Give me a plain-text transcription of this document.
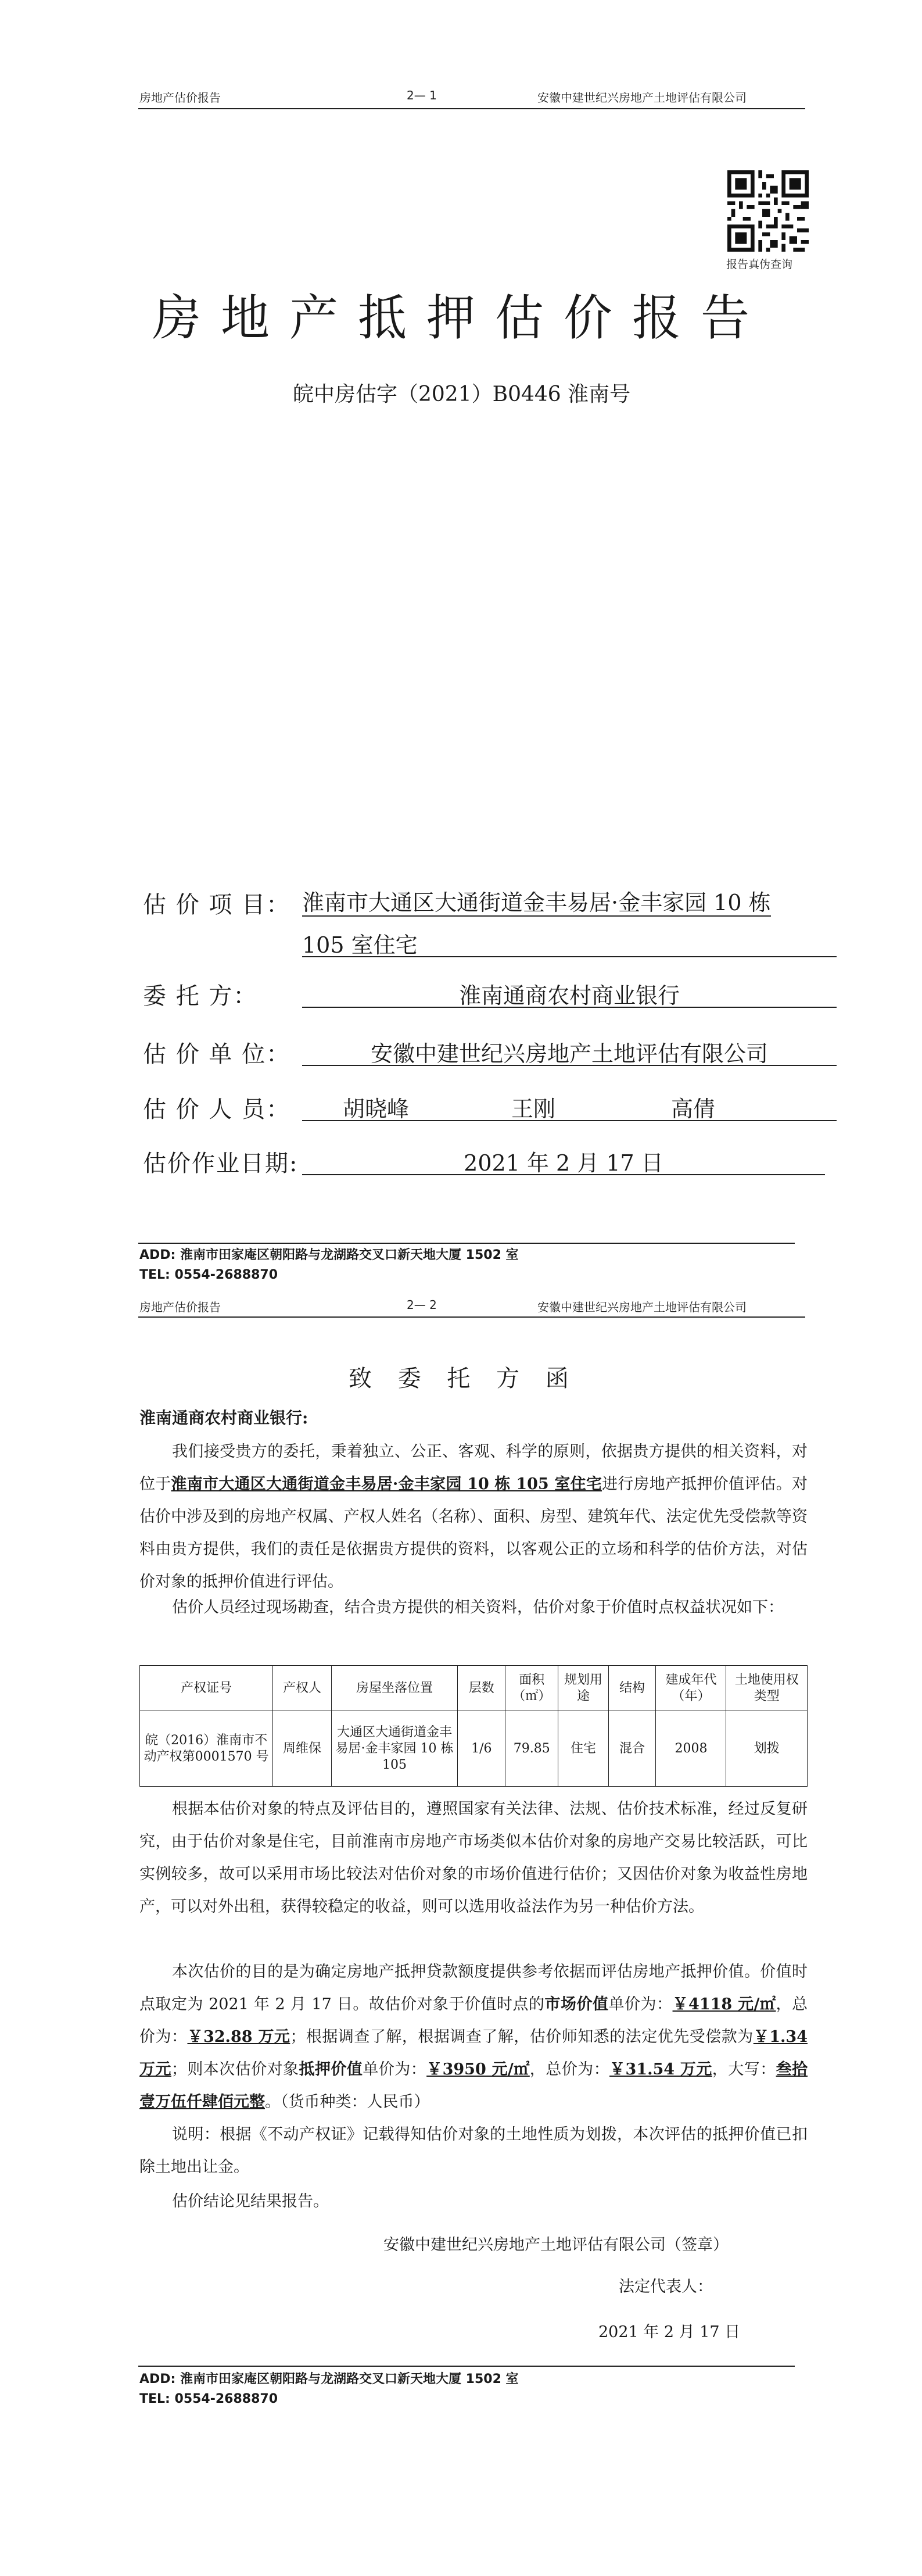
房地产估价报告	2— 1	安徽中建世纪兴房地产土地评估有限公司
报告真伪查询
房地产抵押估价报告
皖中房估字（2021）B0446 淮南号
估 价 项 目： 淮南市大通区大通街道金丰易居·金丰家园 10 栋
105 室住宅
委 托 方：	淮南通商农村商业银行
估 价 单 位：	安徽中建世纪兴房地产土地评估有限公司
估 价 人 员： 胡晓峰	王刚	高倩
估价作业日期:	2021 年 2 月 17 日
ADD: 淮南市田家庵区朝阳路与龙湖路交叉口新天地大厦 1502 室
TEL: 0554-2688870
房地产估价报告	2— 2	安徽中建世纪兴房地产土地评估有限公司
致 委 托 方 函
淮南通商农村商业银行:
我们接受贵方的委托，秉着独立、公正、客观、科学的原则，依据贵方提供的相关资料，对位于淮南市大通区大通街道金丰易居·金丰家园 10 栋 105 室住宅进行房地产抵押价值评估。对估价中涉及到的房地产权属、产权人姓名（名称）、面积、房型、建筑年代、法定优先受偿款等资料由贵方提供，我们的责任是依据贵方提供的资料，以客观公正的立场和科学的估价方法，对估价对象的抵押价值进行评估。
估价人员经过现场勘查，结合贵方提供的相关资料，估价对象于价值时点权益状况如下：
产权证号	产权人	房屋坐落位置	层数	面积（㎡）	规划用途	结构	建成年代（年）	土地使用权类型
皖（2016）淮南市不动产权第0001570 号	周维保	大通区大通街道金丰易居·金丰家园 10 栋 105	1/6	79.85	住宅	混合	2008	划拨
根据本估价对象的特点及评估目的，遵照国家有关法律、法规、估价技术标准，经过反复研究，由于估价对象是住宅，目前淮南市房地产市场类似本估价对象的房地产交易比较活跃，可比实例较多，故可以采用市场比较法对估价对象的市场价值进行估价；又因估价对象为收益性房地产，可以对外出租，获得较稳定的收益，则可以选用收益法作为另一种估价方法。
本次估价的目的是为确定房地产抵押贷款额度提供参考依据而评估房地产抵押价值。价值时点取定为 2021 年 2 月 17 日。故估价对象于价值时点的市场价值单价为：￥4118 元/㎡，总价为：￥32.88 万元；根据调查了解，根据调查了解，估价师知悉的法定优先受偿款为￥1.34 万元；则本次估价对象抵押价值单价为：￥3950 元/㎡，总价为：￥31.54 万元，大写：叁拾壹万伍仟肆佰元整。（货币种类：人民币）
说明：根据《不动产权证》记载得知估价对象的土地性质为划拨，本次评估的抵押价值已扣除土地出让金。
估价结论见结果报告。
安徽中建世纪兴房地产土地评估有限公司（签章）
法定代表人：
2021 年 2 月 17 日
ADD: 淮南市田家庵区朝阳路与龙湖路交叉口新天地大厦 1502 室
TEL: 0554-2688870
